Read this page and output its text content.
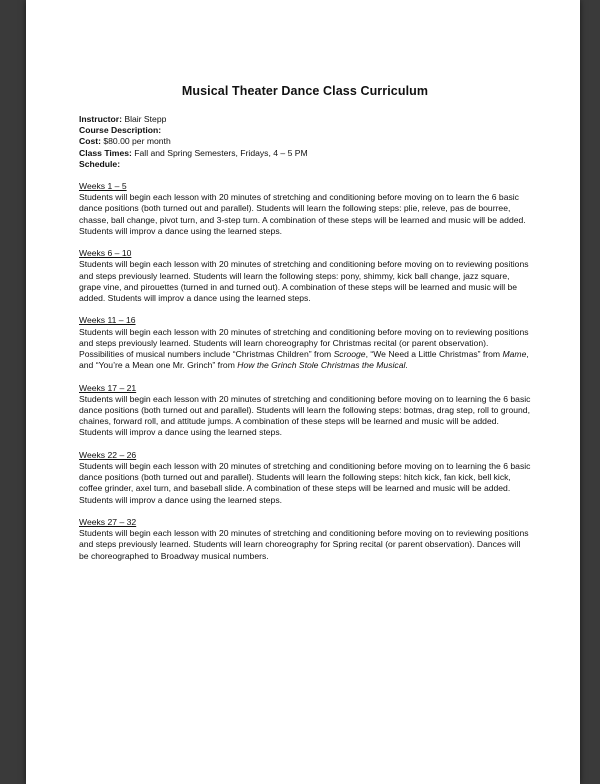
Musical Theater Dance Class Curriculum
Instructor: Blair Stepp
Course Description:
Cost: $80.00 per month
Class Times: Fall and Spring Semesters, Fridays, 4 – 5 PM
Schedule:
Weeks 1 – 5
Students will begin each lesson with 20 minutes of stretching and conditioning before moving on to learn the 6 basic dance positions (both turned out and parallel). Students will learn the following steps: plie, releve, pas de bourree, chasse, ball change, pivot turn, and 3-step turn. A combination of these steps will be learned and music will be added. Students will improv a dance using the learned steps.
Weeks 6 – 10
Students will begin each lesson with 20 minutes of stretching and conditioning before moving on to reviewing positions and steps previously learned. Students will learn the following steps: pony, shimmy, kick ball change, jazz square, grape vine, and pirouettes (turned in and turned out). A combination of these steps will be learned and music will be added. Students will improv a dance using the learned steps.
Weeks 11 – 16
Students will begin each lesson with 20 minutes of stretching and conditioning before moving on to reviewing positions and steps previously learned. Students will learn choreography for Christmas recital (or parent observation). Possibilities of musical numbers include “Christmas Children” from Scrooge, “We Need a Little Christmas” from Mame, and “You’re a Mean one Mr. Grinch” from How the Grinch Stole Christmas the Musical.
Weeks 17 – 21
Students will begin each lesson with 20 minutes of stretching and conditioning before moving on to learning the 6 basic dance positions (both turned out and parallel). Students will learn the following steps: botmas, drag step, roll to ground, chaines, forward roll, and attitude jumps. A combination of these steps will be learned and music will be added. Students will improv a dance using the learned steps.
Weeks 22 – 26
Students will begin each lesson with 20 minutes of stretching and conditioning before moving on to learning the 6 basic dance positions (both turned out and parallel). Students will learn the following steps: hitch kick, fan kick, bell kick, coffee grinder, axel turn, and baseball slide. A combination of these steps will be learned and music will be added. Students will improv a dance using the learned steps.
Weeks 27 – 32
Students will begin each lesson with 20 minutes of stretching and conditioning before moving on to reviewing positions and steps previously learned. Students will learn choreography for Spring recital (or parent observation). Dances will be choreographed to Broadway musical numbers.
